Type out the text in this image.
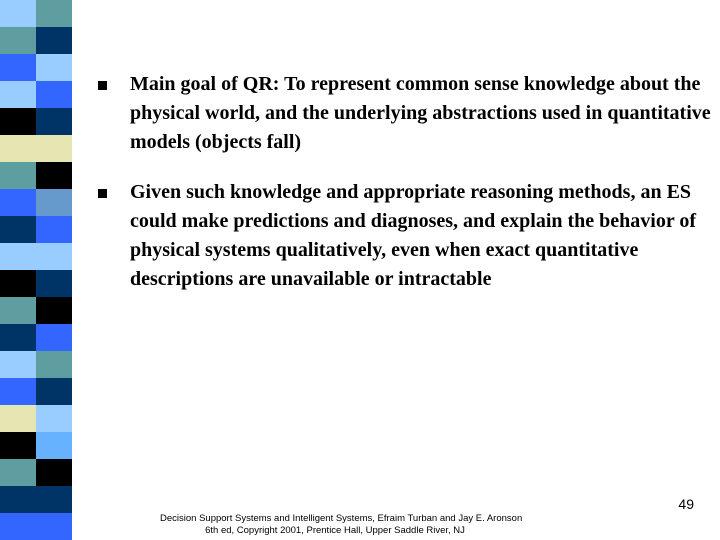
Main goal of QR: To represent common sense knowledge about the physical world, and the underlying abstractions used in quantitative models (objects fall)
Given such knowledge and appropriate reasoning methods, an ES could make predictions and diagnoses, and explain the behavior of physical systems qualitatively, even when exact quantitative descriptions are unavailable or intractable
49
Decision Support Systems and Intelligent Systems, Efraim Turban and Jay E. Aronson
6th ed, Copyright 2001, Prentice Hall, Upper Saddle River, NJ
